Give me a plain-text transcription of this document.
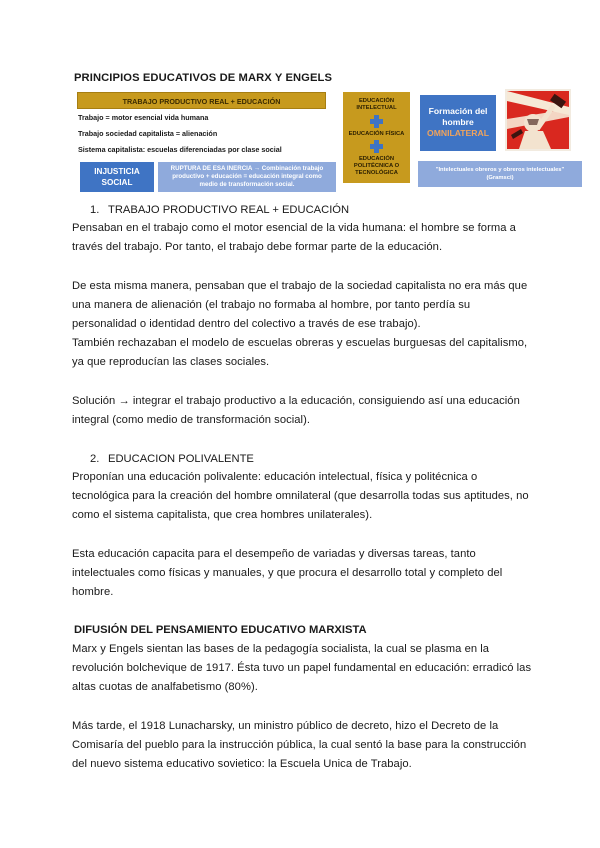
PRINCIPIOS EDUCATIVOS DE MARX Y ENGELS
TRABAJO PRODUCTIVO REAL + EDUCACIÓN
Trabajo = motor esencial vida humana
Trabajo sociedad capitalista = alienación
Sistema capitalista: escuelas diferenciadas por clase social
INJUSTICIA
SOCIAL
RUPTURA DE ESA INERCIA → Combinación trabajo
productivo + educación = educación integral como
medio de transformación social.
EDUCACIÓN
INTELECTUAL
EDUCACIÓN FÍSICA
EDUCACIÓN
POLITÉCNICA O
TECNOLÓGICA
Formación del
hombre
OMNILATERAL
"Intelectuales obreros y obreros intelectuales"
(Gramsci)
1. TRABAJO PRODUCTIVO REAL + EDUCACIÓN
Pensaban en el trabajo como el motor esencial de la vida humana: el hombre se forma a
través del trabajo. Por tanto, el trabajo debe formar parte de la educación.
De esta misma manera, pensaban que el trabajo de la sociedad capitalista no era más que
una manera de alienación (el trabajo no formaba al hombre, por tanto perdía su
personalidad o identidad dentro del colectivo a través de ese trabajo).
También rechazaban el modelo de escuelas obreras y escuelas burguesas del capitalismo,
ya que reproducían las clases sociales.
Solución → integrar el trabajo productivo a la educación, consiguiendo así una educación
integral (como medio de transformación social).
2. EDUCACION POLIVALENTE
Proponían una educación polivalente: educación intelectual, física y politécnica o
tecnológica para la creación del hombre omnilateral (que desarrolla todas sus aptitudes, no
como el sistema capitalista, que crea hombres unilaterales).
Esta educación capacita para el desempeño de variadas y diversas tareas, tanto
intelectuales como físicas y manuales, y que procura el desarrollo total y completo del
hombre.
DIFUSIÓN DEL PENSAMIENTO EDUCATIVO MARXISTA
Marx y Engels sientan las bases de la pedagogía socialista, la cual se plasma en la
revolución bolchevique de 1917. Ésta tuvo un papel fundamental en educación: erradicó las
altas cuotas de analfabetismo (80%).
Más tarde, el 1918 Lunacharsky, un ministro público de decreto, hizo el Decreto de la
Comisaría del pueblo para la instrucción pública, la cual sentó la base para la construcción
del nuevo sistema educativo sovietico: la Escuela Unica de Trabajo.
